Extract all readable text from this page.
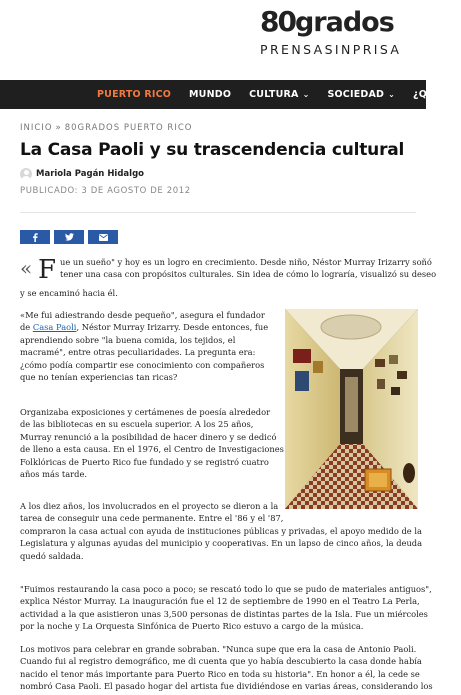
80 grados
PRENSASINPRISA
PUERTO RICO MUNDO CULTURA ⌄ SOCIEDAD ⌄ ¿QUÉ HA
INICIO » 80GRADOS PUERTO RICO
La Casa Paoli y su trascendencia cultural
Mariola Pagán Hidalgo
PUBLICADO: 3 DE AGOSTO DE 2012
« F ue un sueño" y hoy es un logro en crecimiento. Desde niño, Néstor Murray Irizarry soñó
tener una casa con propósitos culturales. Sin idea de cómo lo lograría, visualizó su deseo
y se encaminó hacia él.
«Me fui adiestrando desde pequeño", asegura el fundador
de Casa Paoli, Néstor Murray Irizarry. Desde entonces, fue
aprendiendo sobre "la buena comida, los tejidos, el
macramé", entre otras peculiaridades. La pregunta era:
¿cómo podía compartir ese conocimiento con compañeros
que no tenían experiencias tan ricas?
Organizaba exposiciones y certámenes de poesía alrededor
de las bibliotecas en su escuela superior. A los 25 años,
Murray renunció a la posibilidad de hacer dinero y se dedicó
de lleno a esta causa. En el 1976, el Centro de Investigaciones
Folklóricas de Puerto Rico fue fundado y se registró cuatro
años más tarde.
A los diez años, los involucrados en el proyecto se dieron a la
tarea de conseguir una cede permanente. Entre el '86 y el '87,
compraron la casa actual con ayuda de instituciones públicas y privadas, el apoyo medido de la
Legislatura y algunas ayudas del municipio y cooperativas. En un lapso de cinco años, la deuda
quedó saldada.
"Fuimos restaurando la casa poco a poco; se rescató todo lo que se pudo de materiales antiguos",
explica Néstor Murray. La inauguración fue el 12 de septiembre de 1990 en el Teatro La Perla,
actividad a la que asistieron unas 3,500 personas de distintas partes de la Isla. Fue un miércoles
por la noche y La Orquesta Sinfónica de Puerto Rico estuvo a cargo de la música.
Los motivos para celebrar en grande sobraban. "Nunca supe que era la casa de Antonio Paoli.
Cuando fui al registro demográfico, me di cuenta que yo había descubierto la casa donde había
nacido el tenor más importante para Puerto Rico en toda su historia". En honor a él, la cede se
nombró Casa Paoli. El pasado hogar del artista fue dividiéndose en varias áreas, considerando los
